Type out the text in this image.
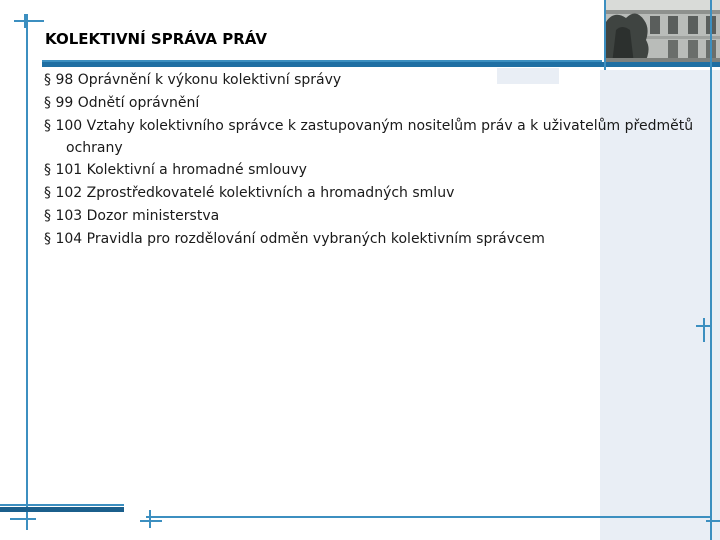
KOLEKTIVNÍ SPRÁVA PRÁV
§ 98 Oprávnění k výkonu kolektivní správy
§ 99 Odnětí oprávnění
§ 100 Vztahy kolektivního správce k zastupovaným nositelům práv a k uživatelům předmětů ochrany
§ 101 Kolektivní a hromadné smlouvy
§ 102 Zprostředkovatelé kolektivních a hromadných smluv
§ 103 Dozor ministerstva
§ 104 Pravidla pro rozdělování odměn vybraných kolektivním správcem
